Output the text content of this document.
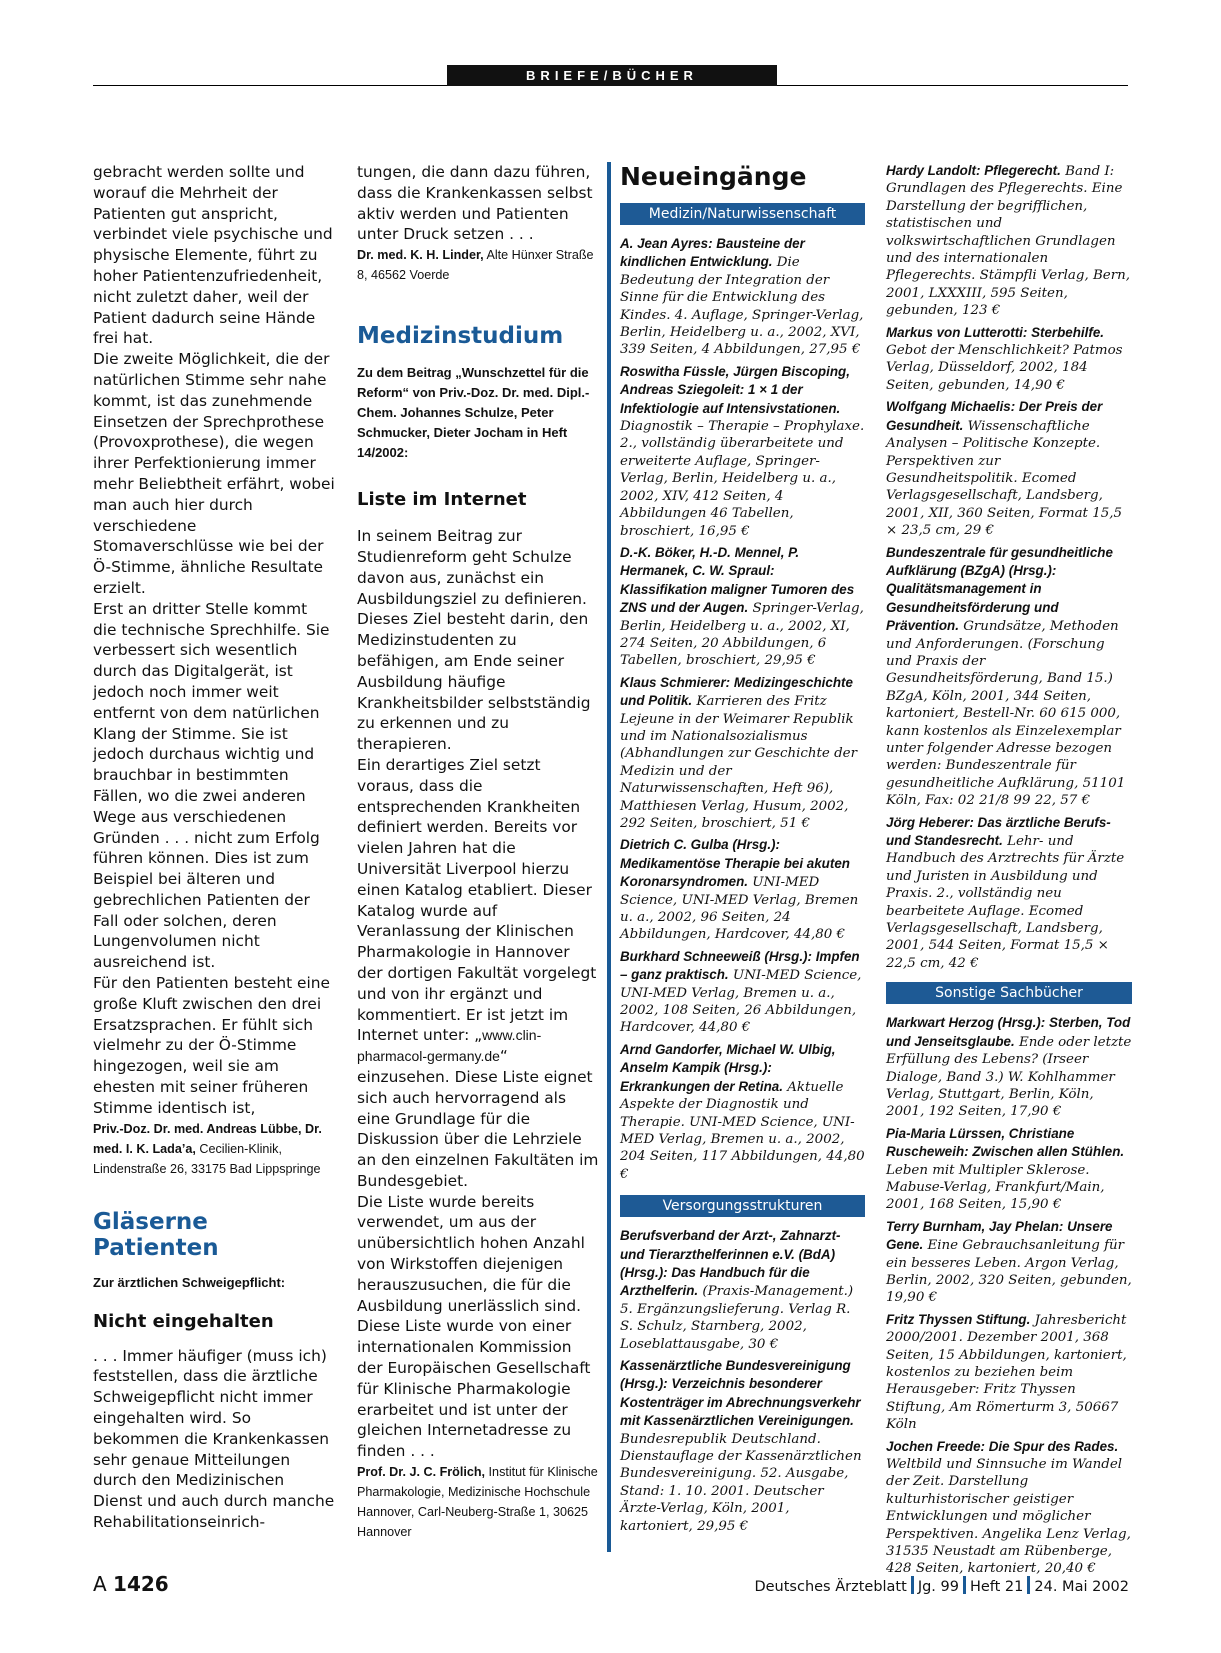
BRIEFE/BÜCHER

gebracht werden sollte und worauf die Mehrheit der Patienten gut anspricht, verbindet viele psychische und physische Elemente, führt zu hoher Patientenzufriedenheit, nicht zuletzt daher, weil der Patient dadurch seine Hände frei hat.

Die zweite Möglichkeit, die der natürlichen Stimme sehr nahe kommt, ist das zunehmende Einsetzen der Sprechprothese (Provoxprothese), die wegen ihrer Perfektionierung immer mehr Beliebtheit erfährt, wobei man auch hier durch verschiedene Stomaverschlüsse wie bei der Ö-Stimme, ähnliche Resultate erzielt.

Erst an dritter Stelle kommt die technische Sprechhilfe. Sie verbessert sich wesentlich durch das Digitalgerät, ist jedoch noch immer weit entfernt von dem natürlichen Klang der Stimme. Sie ist jedoch durchaus wichtig und brauchbar in bestimmten Fällen, wo die zwei anderen Wege aus verschiedenen Gründen . . . nicht zum Erfolg führen können. Dies ist zum Beispiel bei älteren und gebrechlichen Patienten der Fall oder solchen, deren Lungenvolumen nicht ausreichend ist.

Für den Patienten besteht eine große Kluft zwischen den drei Ersatzsprachen. Er fühlt sich vielmehr zu der Ö-Stimme hingezogen, weil sie am ehesten mit seiner früheren Stimme identisch ist,

Priv.-Doz. Dr. med. Andreas Lübbe, Dr. med. I. K. Lada’a, Cecilien-Klinik, Lindenstraße 26, 33175 Bad Lippspringe

Gläserne Patienten

Zur ärztlichen Schweigepflicht:

Nicht eingehalten

. . . Immer häufiger (muss ich) feststellen, dass die ärztliche Schweigepflicht nicht immer eingehalten wird. So bekommen die Krankenkassen sehr genaue Mitteilungen durch den Medizinischen Dienst und auch durch manche Rehabilitationseinrich-

tungen, die dann dazu führen, dass die Krankenkassen selbst aktiv werden und Patienten unter Druck setzen . . .

Dr. med. K. H. Linder, Alte Hünxer Straße 8, 46562 Voerde

Medizinstudium

Zu dem Beitrag „Wunschzettel für die Reform“ von Priv.-Doz. Dr. med. Dipl.-Chem. Johannes Schulze, Peter Schmucker, Dieter Jocham in Heft 14/2002:

Liste im Internet

In seinem Beitrag zur Studienreform geht Schulze davon aus, zunächst ein Ausbildungsziel zu definieren. Dieses Ziel besteht darin, den Medizinstudenten zu befähigen, am Ende seiner Ausbildung häufige Krankheitsbilder selbstständig zu erkennen und zu therapieren.

Ein derartiges Ziel setzt voraus, dass die entsprechenden Krankheiten definiert werden. Bereits vor vielen Jahren hat die Universität Liverpool hierzu einen Katalog etabliert. Dieser Katalog wurde auf Veranlassung der Klinischen Pharmakologie in Hannover der dortigen Fakultät vorgelegt und von ihr ergänzt und kommentiert. Er ist jetzt im Internet unter: „www.clin-pharmacol-germany.de“ einzusehen. Diese Liste eignet sich auch hervorragend als eine Grundlage für die Diskussion über die Lehrziele an den einzelnen Fakultäten im Bundesgebiet.

Die Liste wurde bereits verwendet, um aus der unübersichtlich hohen Anzahl von Wirkstoffen diejenigen herauszusuchen, die für die Ausbildung unerlässlich sind.

Diese Liste wurde von einer internationalen Kommission der Europäischen Gesellschaft für Klinische Pharmakologie erarbeitet und ist unter der gleichen Internetadresse zu finden . . .

Prof. Dr. J. C. Frölich, Institut für Klinische Pharmakologie, Medizinische Hochschule Hannover, Carl-Neuberg-Straße 1, 30625 Hannover

Neueingänge
Medizin/Naturwissenschaft

A. Jean Ayres: Bausteine der kindlichen Entwicklung. Die Bedeutung der Integration der Sinne für die Entwicklung des Kindes. 4. Auflage, Springer-Verlag, Berlin, Heidelberg u. a., 2002, XVI, 339 Seiten, 4 Abbildungen, 27,95 €

Roswitha Füssle, Jürgen Biscoping, Andreas Sziegoleit: 1 × 1 der Infektiologie auf Intensivstationen. Diagnostik – Therapie – Prophylaxe. 2., vollständig überarbeitete und erweiterte Auflage, Springer-Verlag, Berlin, Heidelberg u. a., 2002, XIV, 412 Seiten, 4 Abbildungen 46 Tabellen, broschiert, 16,95 €

D.-K. Böker, H.-D. Mennel, P. Hermanek, C. W. Spraul: Klassifikation maligner Tumoren des ZNS und der Augen. Springer-Verlag, Berlin, Heidelberg u. a., 2002, XI, 274 Seiten, 20 Abbildungen, 6 Tabellen, broschiert, 29,95 €

Klaus Schmierer: Medizingeschichte und Politik. Karrieren des Fritz Lejeune in der Weimarer Republik und im Nationalsozialismus (Abhandlungen zur Geschichte der Medizin und der Naturwissenschaften, Heft 96), Matthiesen Verlag, Husum, 2002, 292 Seiten, broschiert, 51 €

Dietrich C. Gulba (Hrsg.): Medikamentöse Therapie bei akuten Koronarsyndromen. UNI-MED Science, UNI-MED Verlag, Bremen u. a., 2002, 96 Seiten, 24 Abbildungen, Hardcover, 44,80 €

Burkhard Schneeweiß (Hrsg.): Impfen – ganz praktisch. UNI-MED Science, UNI-MED Verlag, Bremen u. a., 2002, 108 Seiten, 26 Abbildungen, Hardcover, 44,80 €

Arnd Gandorfer, Michael W. Ulbig, Anselm Kampik (Hrsg.): Erkrankungen der Retina. Aktuelle Aspekte der Diagnostik und Therapie. UNI-MED Science, UNI-MED Verlag, Bremen u. a., 2002, 204 Seiten, 117 Abbildungen, 44,80 €

Versorgungsstrukturen

Berufsverband der Arzt-, Zahnarzt- und Tierarzthelferinnen e.V. (BdA) (Hrsg.): Das Handbuch für die Arzthelferin. (Praxis-Management.) 5. Ergänzungslieferung. Verlag R. S. Schulz, Starnberg, 2002, Loseblattausgabe, 30 €

Kassenärztliche Bundesvereinigung (Hrsg.): Verzeichnis besonderer Kostenträger im Abrechnungsverkehr mit Kassenärztlichen Vereinigungen. Bundesrepublik Deutschland. Dienstauflage der Kassenärztlichen Bundesvereinigung. 52. Ausgabe, Stand: 1. 10. 2001. Deutscher Ärzte-Verlag, Köln, 2001, kartoniert, 29,95 €

Hardy Landolt: Pflegerecht. Band I: Grundlagen des Pflegerechts. Eine Darstellung der begrifflichen, statistischen und volkswirtschaftlichen Grundlagen und des internationalen Pflegerechts. Stämpfli Verlag, Bern, 2001, LXXXIII, 595 Seiten, gebunden, 123 €

Markus von Lutterotti: Sterbehilfe. Gebot der Menschlichkeit? Patmos Verlag, Düsseldorf, 2002, 184 Seiten, gebunden, 14,90 €

Wolfgang Michaelis: Der Preis der Gesundheit. Wissenschaftliche Analysen – Politische Konzepte. Perspektiven zur Gesundheitspolitik. Ecomed Verlagsgesellschaft, Landsberg, 2001, XII, 360 Seiten, Format 15,5 × 23,5 cm, 29 €

Bundeszentrale für gesundheitliche Aufklärung (BZgA) (Hrsg.): Qualitätsmanagement in Gesundheitsförderung und Prävention. Grundsätze, Methoden und Anforderungen. (Forschung und Praxis der Gesundheitsförderung, Band 15.) BZgA, Köln, 2001, 344 Seiten, kartoniert, Bestell-Nr. 60 615 000, kann kostenlos als Einzelexemplar unter folgender Adresse bezogen werden: Bundeszentrale für gesundheitliche Aufklärung, 51101 Köln, Fax: 02 21/8 99 22, 57 €

Jörg Heberer: Das ärztliche Berufs- und Standesrecht. Lehr- und Handbuch des Arztrechts für Ärzte und Juristen in Ausbildung und Praxis. 2., vollständig neu bearbeitete Auflage. Ecomed Verlagsgesellschaft, Landsberg, 2001, 544 Seiten, Format 15,5 × 22,5 cm, 42 €

Sonstige Sachbücher

Markwart Herzog (Hrsg.): Sterben, Tod und Jenseitsglaube. Ende oder letzte Erfüllung des Lebens? (Irseer Dialoge, Band 3.) W. Kohlhammer Verlag, Stuttgart, Berlin, Köln, 2001, 192 Seiten, 17,90 €

Pia-Maria Lürssen, Christiane Ruscheweih: Zwischen allen Stühlen. Leben mit Multipler Sklerose. Mabuse-Verlag, Frankfurt/Main, 2001, 168 Seiten, 15,90 €

Terry Burnham, Jay Phelan: Unsere Gene. Eine Gebrauchsanleitung für ein besseres Leben. Argon Verlag, Berlin, 2002, 320 Seiten, gebunden, 19,90 €

Fritz Thyssen Stiftung. Jahresbericht 2000/2001. Dezember 2001, 368 Seiten, 15 Abbildungen, kartoniert, kostenlos zu beziehen beim Herausgeber: Fritz Thyssen Stiftung, Am Römerturm 3, 50667 Köln

Jochen Freede: Die Spur des Rades. Weltbild und Sinnsuche im Wandel der Zeit. Darstellung kulturhistorischer geistiger Entwicklungen und möglicher Perspektiven. Angelika Lenz Verlag, 31535 Neustadt am Rübenberge, 428 Seiten, kartoniert, 20,40 €

A 1426	Deutsches Ärzteblatt Jg. 99 Heft 21 24. Mai 2002
